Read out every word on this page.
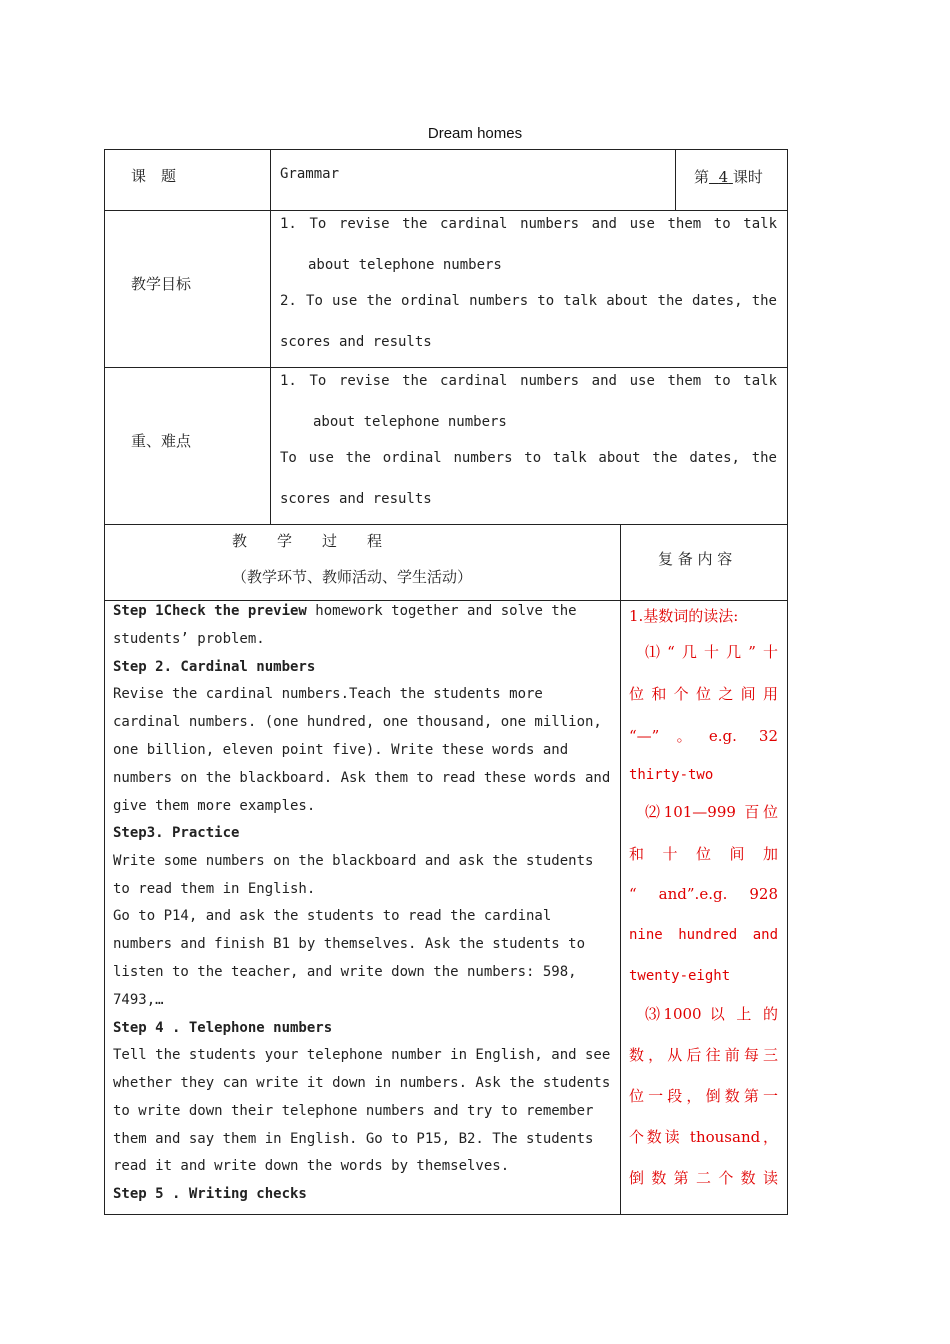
Dream homes
课　题	Grammar	第 4 课时
教学目标
1. To revise the cardinal numbers and use them to talk
about telephone numbers
2. To use the ordinal numbers to talk about the dates, the
scores and results
重、难点
1. To revise the cardinal numbers and use them to talk
about telephone numbers
To use the ordinal numbers to talk about the dates, the
scores and results
教　　学　　过　　程
（教学环节、教师活动、学生活动）
复 备 内 容
Step 1Check the preview homework together and solve the
students’ problem.
Step 2. Cardinal numbers
Revise the cardinal numbers.Teach the students more
cardinal numbers. (one hundred, one thousand, one million,
one billion, eleven point five). Write these words and
numbers on the blackboard. Ask them to read these words and
give them more examples.
Step3. Practice
Write some numbers on the blackboard and ask the students
to read them in English.
Go to P14, and ask the students to read the cardinal
numbers and finish B1 by themselves. Ask the students to
listen to the teacher, and write down the numbers: 598,
7493,…
Step 4 . Telephone numbers
Tell the students your telephone number in English, and see
whether they can write it down in numbers. Ask the students
to write down their telephone numbers and try to remember
them and say them in English. Go to P15, B2. The students
read it and write down the words by themselves.
Step 5 . Writing checks
1.基数词的读法:
⑴“几十几”十
位和个位之间用
“—”。e.g. 32
thirty-two
⑵101—999 百位
和 十 位 间 加
“ and”.e.g. 928
nine hundred and
twenty-eight
⑶1000 以 上 的
数，从后往前每三
位一段，倒数第一
个数读 thousand，
倒 数 第 二 个 数 读
